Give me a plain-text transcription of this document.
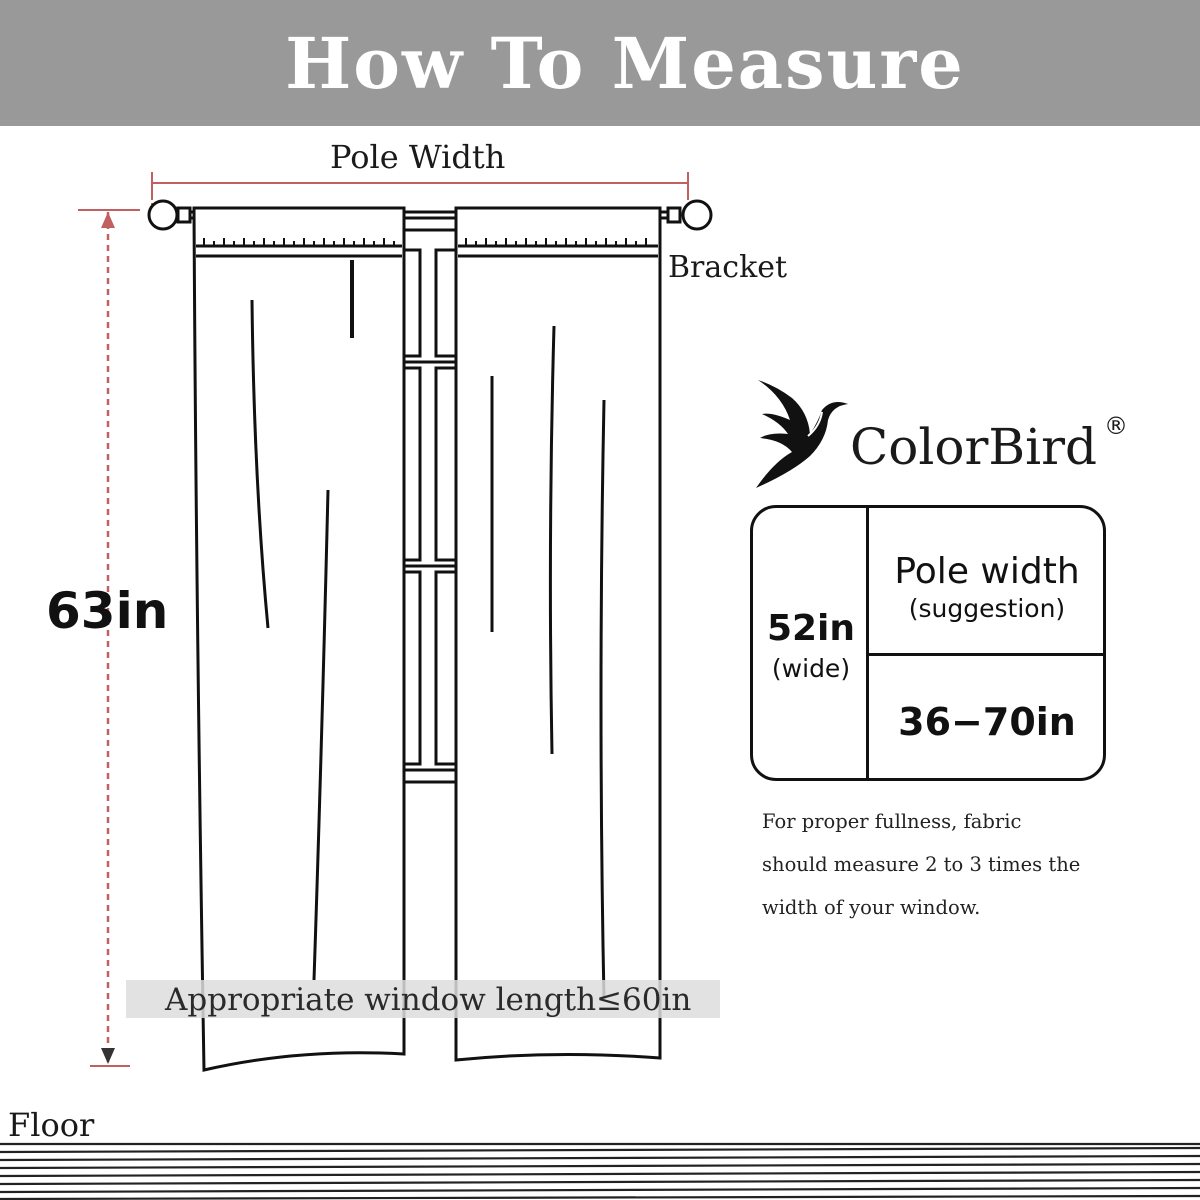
How To Measure
Pole Width
Bracket
63in
Appropriate window length≤60in
Floor
ColorBird ®
52in
(wide)
Pole width
(suggestion)
36−70in
For proper fullness, fabric
should measure 2 to 3 times the
width of your window.
